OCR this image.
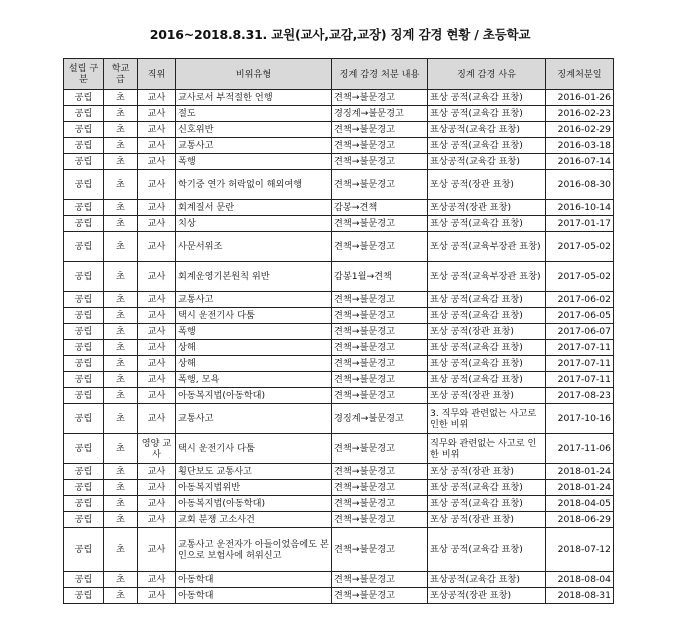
2016~2018.8.31. 교원(교사,교감,교장) 징계 감경 현황 / 초등학교
설립 구분	학교 급	직위	비위유형	징계 감경 처분 내용	징계 감경 사유	징계처분일
공립	초	교사	교사로서 부적절한 언행	견책→불문경고	표상 공적(교육감 표창)	2016-01-26
공립	초	교사	절도	경징계→불문경고	표상 공적(교육감 표창)	2016-02-23
공립	초	교사	신호위반	견책→불문경고	표상공적(교육감 표창)	2016-02-29
공립	초	교사	교통사고	견책→불문경고	표상 공적(교육감 표창)	2016-03-18
공립	초	교사	폭행	견책→불문경고	표상공적(교육감 표창)	2016-07-14
공립	초	교사	학기중 연가 허락없이 해외여행	견책→불문경고	포상 공적(장관 표창)	2016-08-30
공립	초	교사	회계질서 문란	감봉→견책	포상공적(장관 표창)	2016-10-14
공립	초	교사	치상	견책→불문경고	표상 공적(교육감 표창)	2017-01-17
공립	초	교사	사문서위조	견책→불문경고	포상 공적(교육부장관 표창)	2017-05-02
공립	초	교사	회계운영기본원칙 위반	감봉1월→견책	포상 공적(교육부장관 표창)	2017-05-02
공립	초	교사	교통사고	견책→불문경고	표상 공적(교육감 표창)	2017-06-02
공립	초	교사	택시 운전기사 다툼	견책→불문경고	표상 공적(교육감 표창)	2017-06-05
공립	초	교사	폭행	견책→불문경고	포상 공적(장관 표창)	2017-06-07
공립	초	교사	상해	견책→불문경고	표상 공적(교육감 표창)	2017-07-11
공립	초	교사	상해	견책→불문경고	표상 공적(교육감 표창)	2017-07-11
공립	초	교사	폭행, 모욕	견책→불문경고	표상 공적(교육감 표창)	2017-07-11
공립	초	교사	아동복지법(아동학대)	견책→불문경고	포상 공적(장관 표창)	2017-08-23
공립	초	교사	교통사고	경징계→불문경고	3. 직무와 관련없는 사고로 인한 비위	2017-10-16
공립	초	영양 교사	택시 운전기사 다툼	견책→불문경고	직무와 관련없는 사고로 인한 비위	2017-11-06
공립	초	교사	횡단보도 교통사고	견책→불문경고	포상 공적(장관 표창)	2018-01-24
공립	초	교사	아동복지법위반	견책→불문경고	표상 공적(교육감 표창)	2018-01-24
공립	초	교사	아동복지법(아동학대)	견책→불문경고	표상 공적(교육감 표창)	2018-04-05
공립	초	교사	교회 분쟁 고소사건	견책→불문경고	포상 공적(장관 표창)	2018-06-29
공립	초	교사	교통사고 운전자가 아들이었음에도 본인으로 보험사에 허위신고	견책→불문경고	표상 공적(교육감 표창)	2018-07-12
공립	초	교사	아동학대	견책→불문경고	표상공적(교육감 표창)	2018-08-04
공립	초	교사	아동학대	견책→불문경고	포상공적(장관 표창)	2018-08-31
